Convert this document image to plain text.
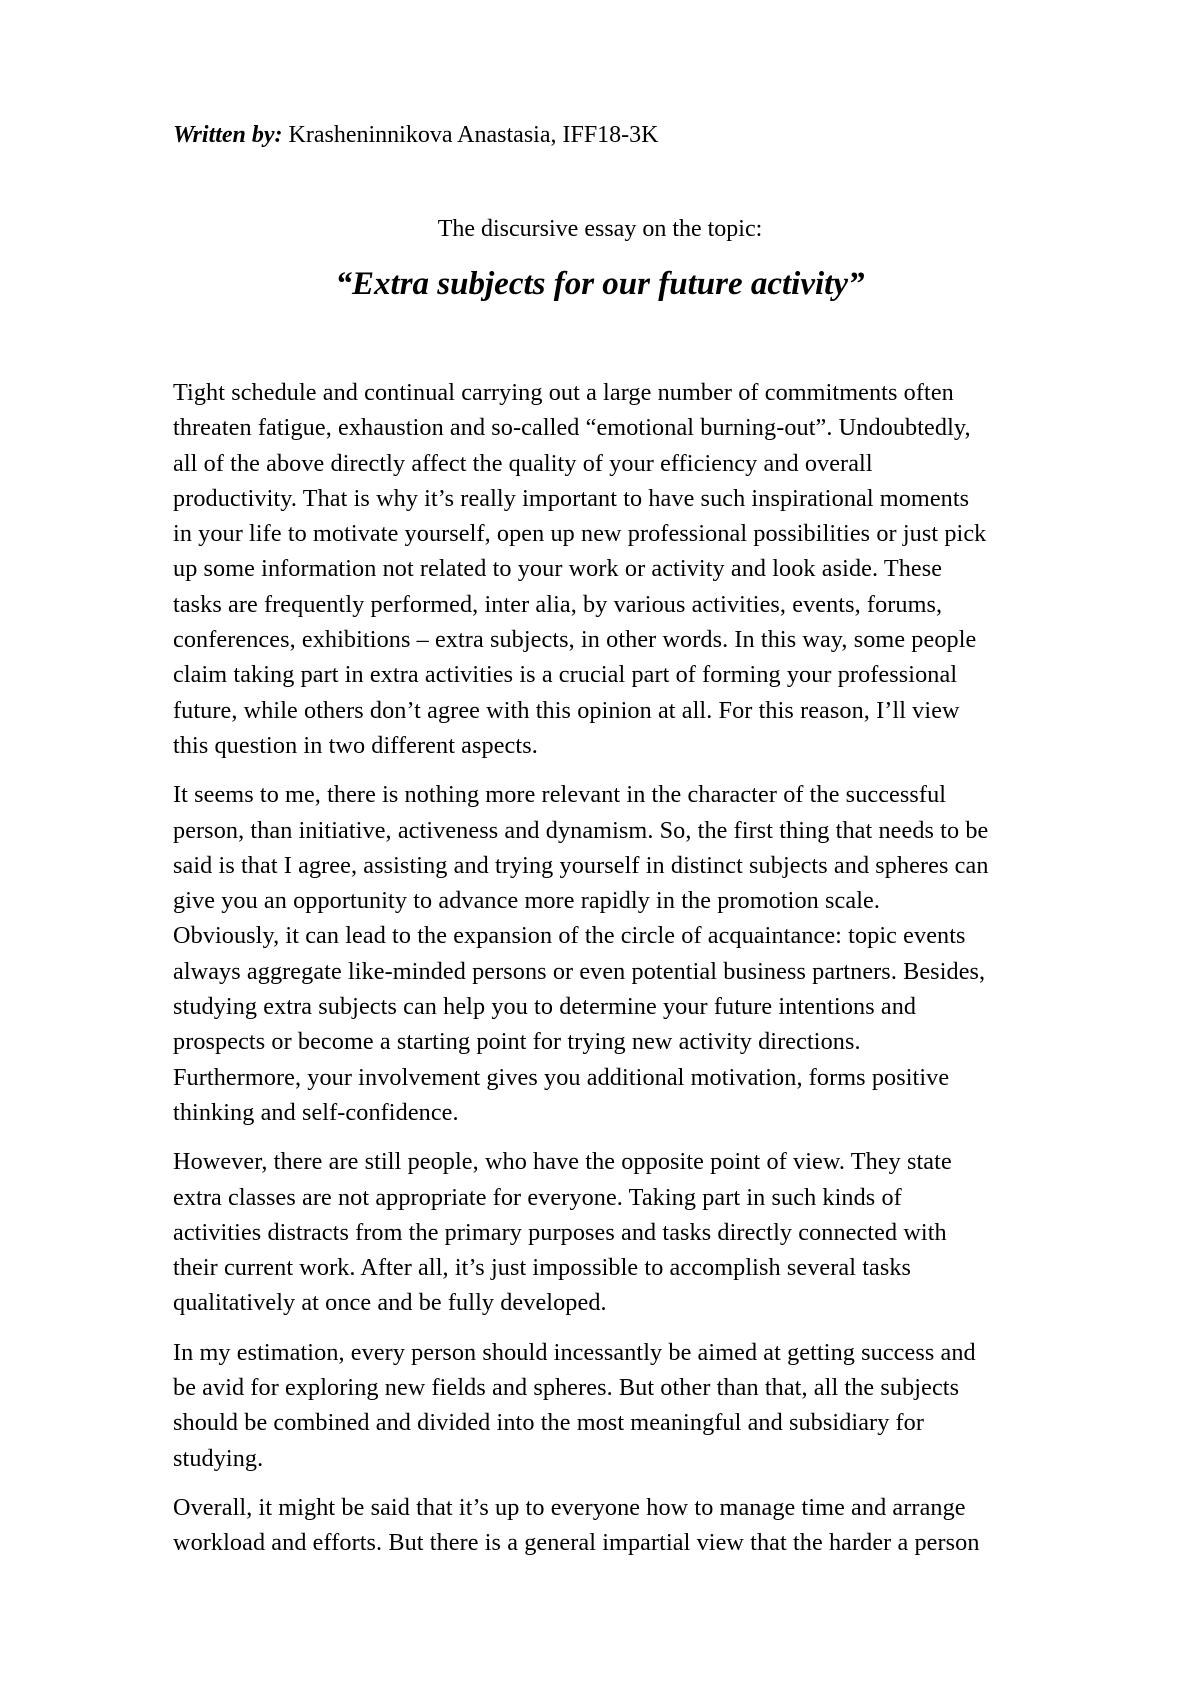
Written by: Krasheninnikova Anastasia, IFF18-3K
The discursive essay on the topic:
“Extra subjects for our future activity”

Tight schedule and continual carrying out a large number of commitments often
threaten fatigue, exhaustion and so-called “emotional burning-out”. Undoubtedly,
all of the above directly affect the quality of your efficiency and overall
productivity. That is why it’s really important to have such inspirational moments
in your life to motivate yourself, open up new professional possibilities or just pick
up some information not related to your work or activity and look aside. These
tasks are frequently performed, inter alia, by various activities, events, forums,
conferences, exhibitions – extra subjects, in other words. In this way, some people
claim taking part in extra activities is a crucial part of forming your professional
future, while others don’t agree with this opinion at all. For this reason, I’ll view
this question in two different aspects.

It seems to me, there is nothing more relevant in the character of the successful
person, than initiative, activeness and dynamism. So, the first thing that needs to be
said is that I agree, assisting and trying yourself in distinct subjects and spheres can
give you an opportunity to advance more rapidly in the promotion scale.
Obviously, it can lead to the expansion of the circle of acquaintance: topic events
always aggregate like-minded persons or even potential business partners. Besides,
studying extra subjects can help you to determine your future intentions and
prospects or become a starting point for trying new activity directions.
Furthermore, your involvement gives you additional motivation, forms positive
thinking and self-confidence.

However, there are still people, who have the opposite point of view. They state
extra classes are not appropriate for everyone. Taking part in such kinds of
activities distracts from the primary purposes and tasks directly connected with
their current work. After all, it’s just impossible to accomplish several tasks
qualitatively at once and be fully developed.

In my estimation, every person should incessantly be aimed at getting success and
be avid for exploring new fields and spheres. But other than that, all the subjects
should be combined and divided into the most meaningful and subsidiary for
studying.

Overall, it might be said that it’s up to everyone how to manage time and arrange
workload and efforts. But there is a general impartial view that the harder a person
